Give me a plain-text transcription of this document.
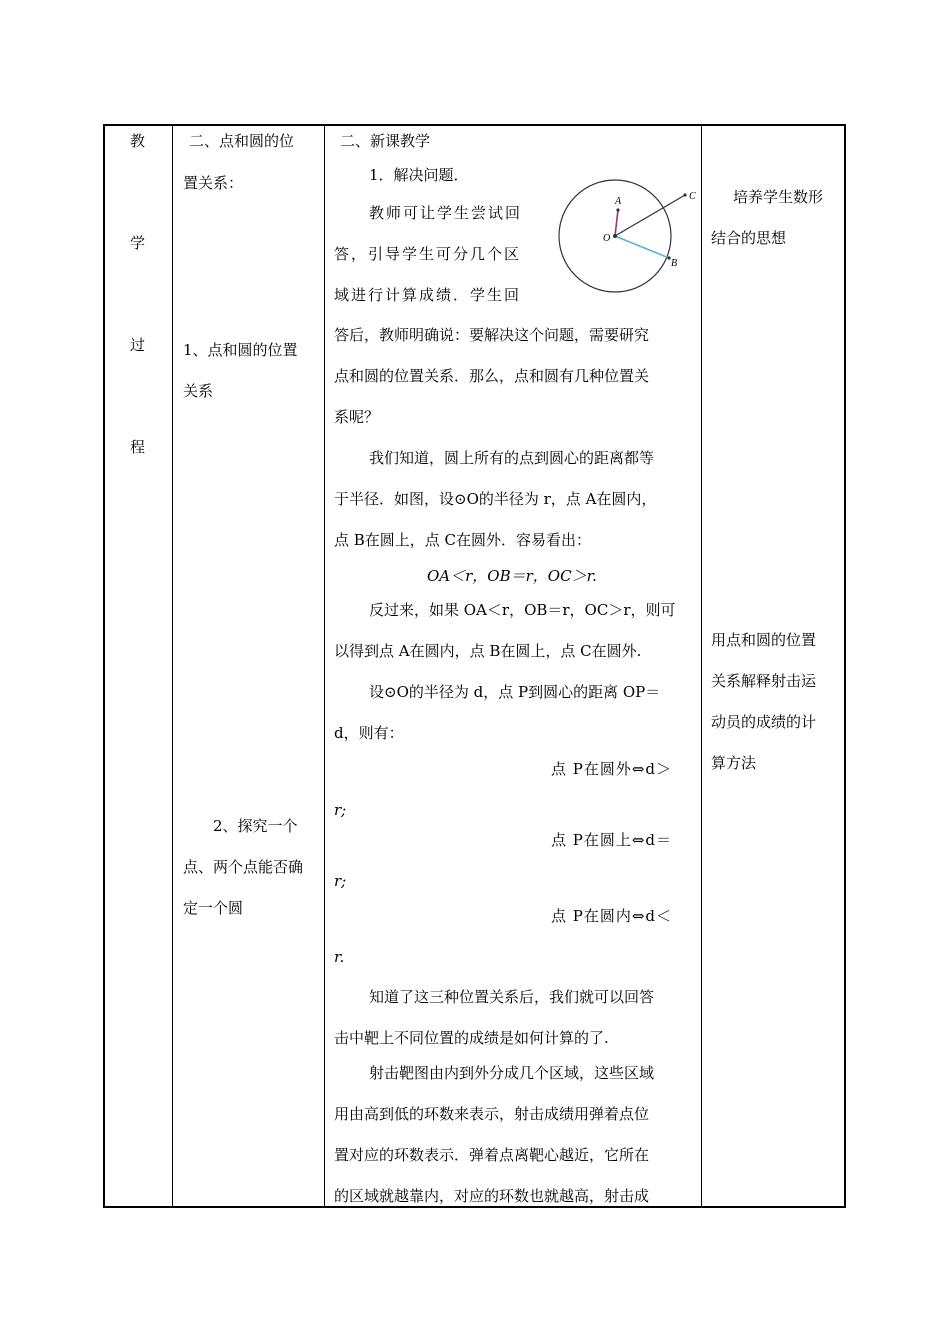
教
学
过
程
二、点和圆的位
置关系：
1、点和圆的位置
关系
2、探究一个
点、两个点能否确
定一个圆
二、新课教学
1．解决问题．
教师可让学生尝试回
答，引导学生可分几个区
域进行计算成绩．学生回
答后，教师明确说：要解决这个问题，需要研究
点和圆的位置关系．那么，点和圆有几种位置关
系呢？
我们知道，圆上所有的点到圆心的距离都等
于半径．如图，设⊙O的半径为 r，点 A在圆内，
点 B在圆上，点 C在圆外．容易看出：
OA＜r，OB＝r，OC＞r.
反过来，如果 OA＜r，OB＝r，OC＞r，则可
以得到点 A在圆内，点 B在圆上，点 C在圆外.
设⊙O的半径为 d，点 P到圆心的距离 OP＝
d，则有：
点 P在圆外⇔d＞
r;
点 P在圆上⇔d＝
r;
点 P在圆内⇔d＜
r.
知道了这三种位置关系后，我们就可以回答
击中靶上不同位置的成绩是如何计算的了.
射击靶图由内到外分成几个区域，这些区域
用由高到低的环数来表示，射击成绩用弹着点位
置对应的环数表示．弹着点离靶心越近，它所在
的区域就越靠内，对应的环数也就越高，射击成
A
O
B
C 培养学生数形
结合的思想
用点和圆的位置
关系解释射击运
动员的成绩的计
算方法
